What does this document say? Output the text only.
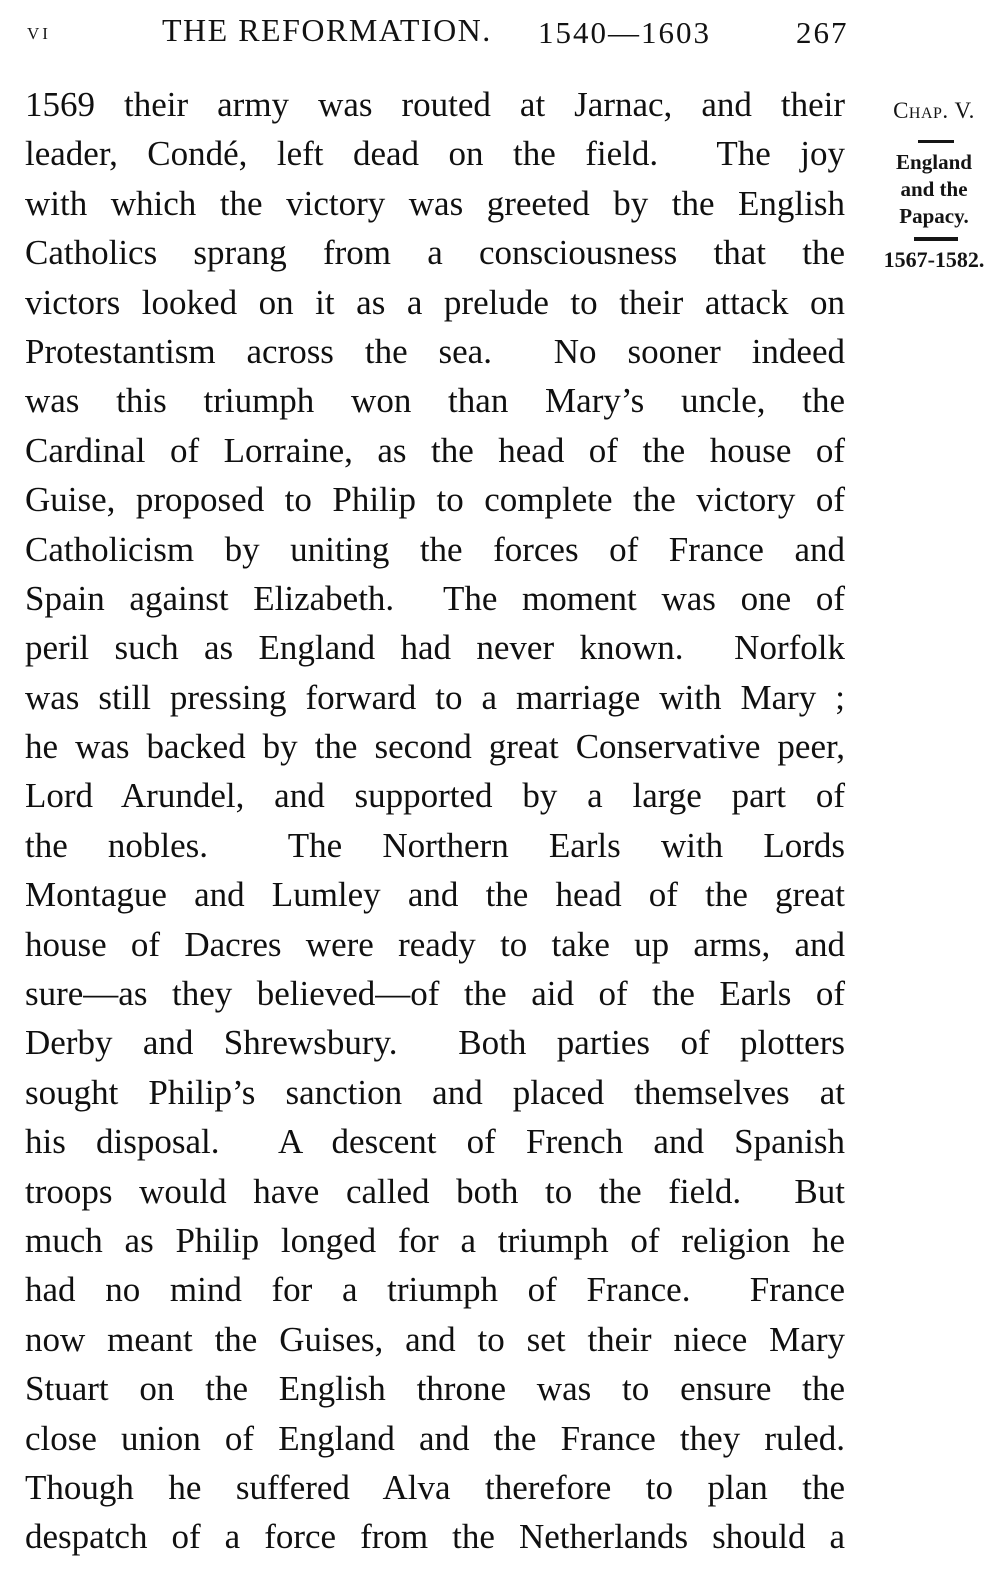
vi	THE REFORMATION. 1540—1603	267
1569 their army was routed at Jarnac, and their
leader, Condé, left dead on the field.  The joy
with which the victory was greeted by the English
Catholics sprang from a consciousness that the
victors looked on it as a prelude to their attack on
Protestantism across the sea.  No sooner indeed
was this triumph won than Mary’s uncle, the
Cardinal of Lorraine, as the head of the house of
Guise, proposed to Philip to complete the victory of
Catholicism by uniting the forces of France and
Spain against Elizabeth.  The moment was one of
peril such as England had never known.  Norfolk
was still pressing forward to a marriage with Mary ;
he was backed by the second great Conservative peer,
Lord Arundel, and supported by a large part of
the nobles.  The Northern Earls with Lords
Montague and Lumley and the head of the great
house of Dacres were ready to take up arms, and
sure—as they believed—of the aid of the Earls of
Derby and Shrewsbury.  Both parties of plotters
sought Philip’s sanction and placed themselves at
his disposal.  A descent of French and Spanish
troops would have called both to the field.  But
much as Philip longed for a triumph of religion he
had no mind for a triumph of France.  France
now meant the Guises, and to set their niece Mary
Stuart on the English throne was to ensure the
close union of England and the France they ruled.
Though he suffered Alva therefore to plan the
despatch of a force from the Netherlands should a
Chap. V.
England
and the
Papacy.
1567-1582.
